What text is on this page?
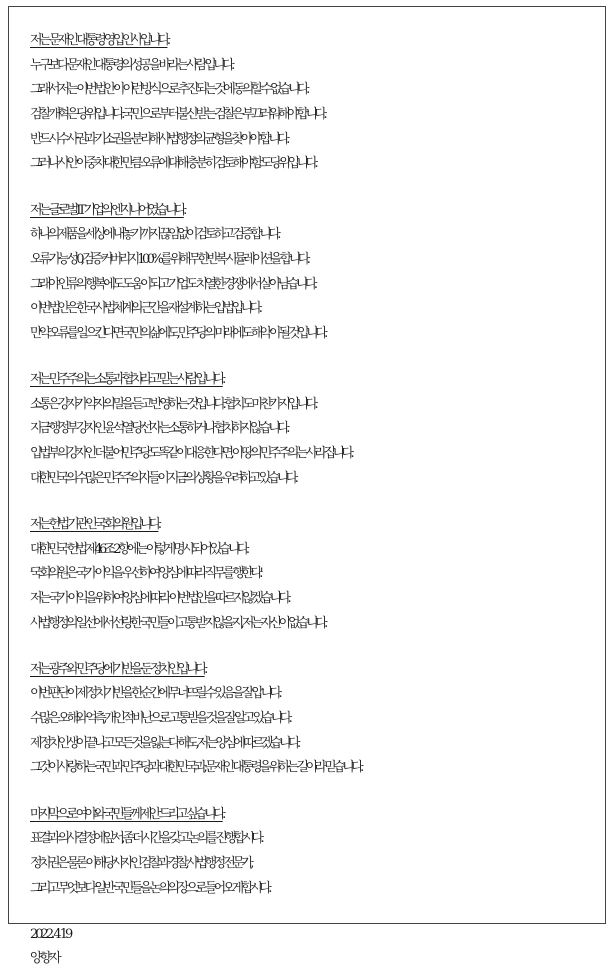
저는 문재인 대통령 영입인사입니다.
누구보다 문재인 대통령의 성공을 바라는 사람입니다.
그래서 저는 이번 법안이 이런 방식으로 추진되는 것에 동의할 수 없습니다.
검찰 개혁은 당위입니다. 국민으로부터 불신 받는 검찰은 부끄러워해야 합니다.
반드시 수사권과 기소권을 분리해 사법행정의 균형을 찾아야 합니다.
그러나 사안이 중차대한 만큼 오류에 대해 충분히 검토해야 함도 당위입니다.
저는 글로벌 IT 기업의 엔지니어였습니다.
하나의 제품을 세상에 내놓기 까지 끊임없이 검토하고 검증합니다.
오류 가능성 0, 검증 커버리지 100%를 위해 무한반복 시뮬레이션을 합니다.
그래야 인류의 행복에도 도움이 되고 기업도 치열한 경쟁에서 살아남습니다.
이번 법안은 한국 사법체계의 근간을 재설계하는 입법입니다.
만약 오류를 일으킨다면 국민의 삶에도, 민주당의 미래에도 해악이 될 것입니다.
저는 민주주의는 소통과 협치라고 믿는 사람입니다.
소통은 강자가 약자의 말을 듣고 반영하는 것입니다. 협치도 마찬가지입니다.
지금 행정부 강자인 윤석열 당선자는 소통하거나 협치하지 않습니다.
입법부의 강자인 더불어민주당도 똑같이 대응한다면, 이 땅의 민주주의는 사라집니다.
대한민국의 수많은 민주주의자들이 지금의 상황을 우려하고 있습니다.
저는 헌법 기관인 국회의원입니다.
대한민국 헌법 제46조 2항에는 이렇게 명시되어 있습니다.
'국회의원은 국가 이익을 우선하여 양심에 따라 직무를 행한다.'
저는 국가 이익을 위하여 양심에 따라 이번 법안을 따르지 않겠습니다.
사법행정의 일선에서 선량한 국민들이 고통 받지 않을지, 저는 자신이 없습니다.
저는 광주와 민주당에 기반을 둔 정치인입니다.
이번 판단이 제 정치기반을 한순간에 무너뜨릴 수 있음을 잘 압니다.
수많은 오해와 억측, 개인적 비난으로 고통 받을 것을 잘 알고 있습니다.
제 정치인생이 끝나고 모든 것을 잃는다 해도, 저는 양심에 따르겠습니다.
그것이 사랑하는 국민과 민주당과 대한민국과, 문재인 대통령을 위하는 길이라 믿습니다.
마지막으로 여야와 국민들께 제안 드리고 싶습니다.
표결과 의사결정에 앞서, 좀 더 시간을 갖고 논의를 진행합시다.
정치권은 물론 이해당사자인 검찰과 경찰, 사법행정 전문가,
그리고 무엇보다 일반 국민들을 논의의 장으로 들어오게 합시다.
2022. 4 19
양향자
